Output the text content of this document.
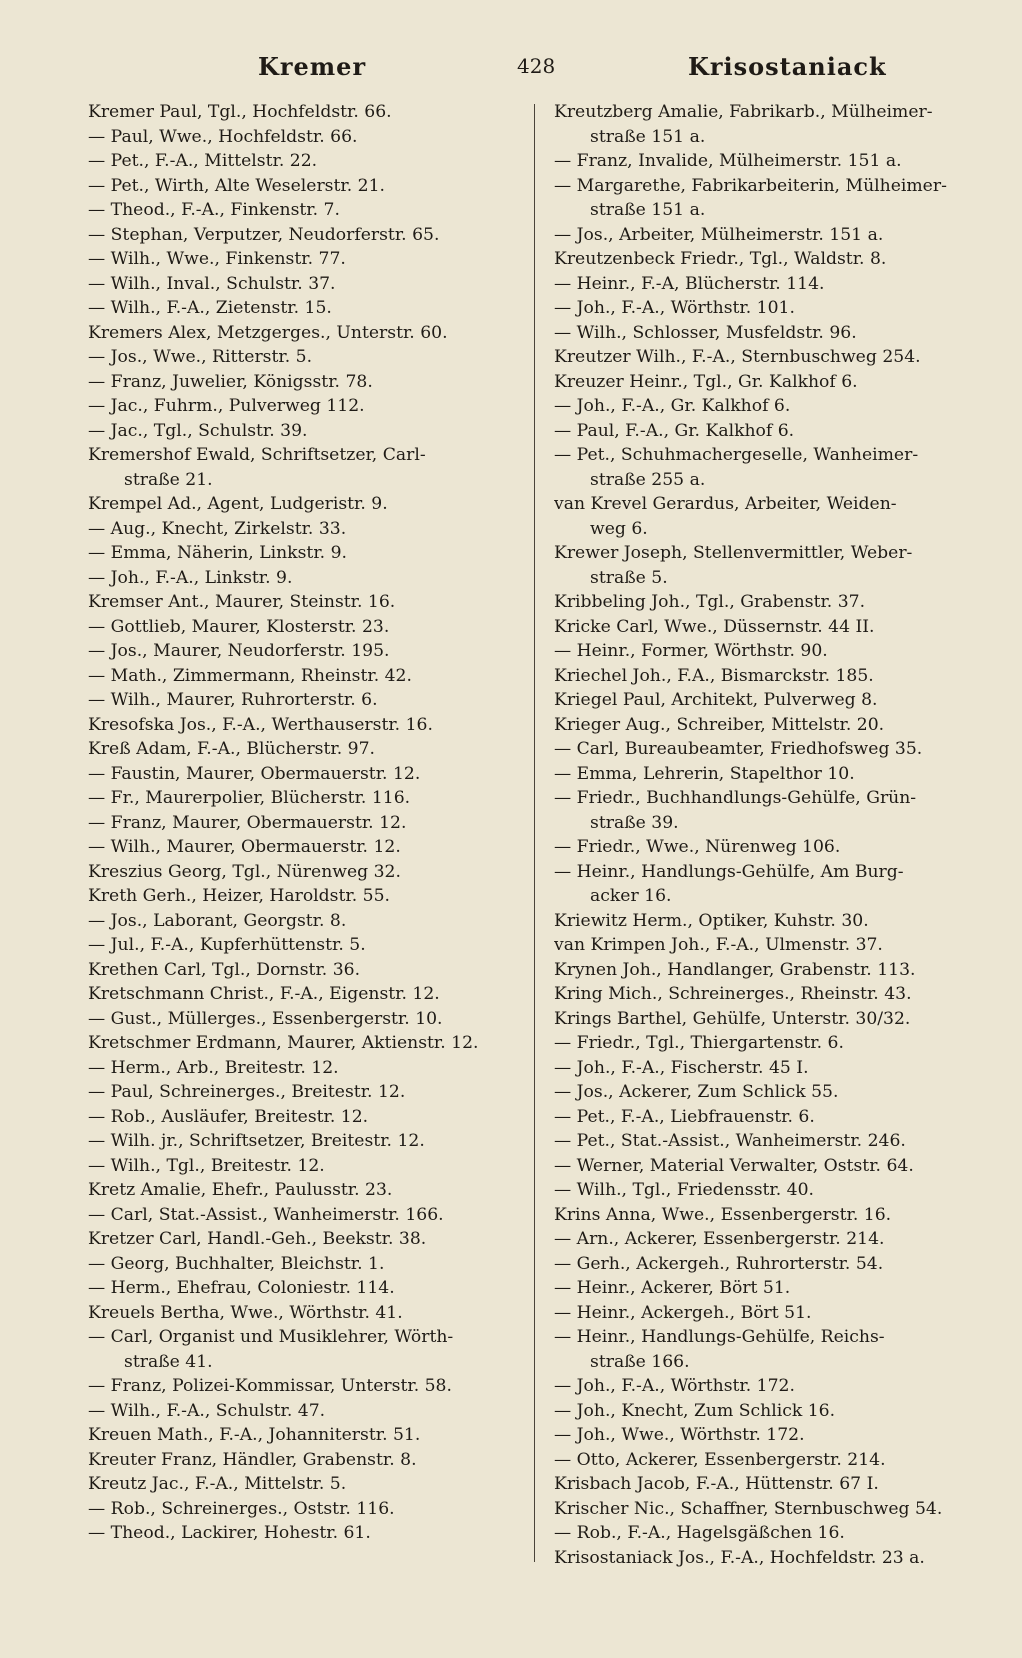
Kremer	428	Krisostaniack
Kremer Paul, Tgl., Hochfeldstr. 66.
— Paul, Wwe., Hochfeldstr. 66.
— Pet., F.-A., Mittelstr. 22.
— Pet., Wirth, Alte Weselerstr. 21.
— Theod., F.-A., Finkenstr. 7.
— Stephan, Verputzer, Neudorferstr. 65.
— Wilh., Wwe., Finkenstr. 77.
— Wilh., Inval., Schulstr. 37.
— Wilh., F.-A., Zietenstr. 15.
Kremers Alex, Metzgerges., Unterstr. 60.
— Jos., Wwe., Ritterstr. 5.
— Franz, Juwelier, Königsstr. 78.
— Jac., Fuhrm., Pulverweg 112.
— Jac., Tgl., Schulstr. 39.
Kremershof Ewald, Schriftsetzer, Carl-
straße 21.
Krempel Ad., Agent, Ludgeristr. 9.
— Aug., Knecht, Zirkelstr. 33.
— Emma, Näherin, Linkstr. 9.
— Joh., F.-A., Linkstr. 9.
Kremser Ant., Maurer, Steinstr. 16.
— Gottlieb, Maurer, Klosterstr. 23.
— Jos., Maurer, Neudorferstr. 195.
— Math., Zimmermann, Rheinstr. 42.
— Wilh., Maurer, Ruhrorterstr. 6.
Kresofska Jos., F.-A., Werthauserstr. 16.
Kreß Adam, F.-A., Blücherstr. 97.
— Faustin, Maurer, Obermauerstr. 12.
— Fr., Maurerpolier, Blücherstr. 116.
— Franz, Maurer, Obermauerstr. 12.
— Wilh., Maurer, Obermauerstr. 12.
Kreszius Georg, Tgl., Nürenweg 32.
Kreth Gerh., Heizer, Haroldstr. 55.
— Jos., Laborant, Georgstr. 8.
— Jul., F.-A., Kupferhüttenstr. 5.
Krethen Carl, Tgl., Dornstr. 36.
Kretschmann Christ., F.-A., Eigenstr. 12.
— Gust., Müllerges., Essenbergerstr. 10.
Kretschmer Erdmann, Maurer, Aktienstr. 12.
— Herm., Arb., Breitestr. 12.
— Paul, Schreinerges., Breitestr. 12.
— Rob., Ausläufer, Breitestr. 12.
— Wilh. jr., Schriftsetzer, Breitestr. 12.
— Wilh., Tgl., Breitestr. 12.
Kretz Amalie, Ehefr., Paulusstr. 23.
— Carl, Stat.-Assist., Wanheimerstr. 166.
Kretzer Carl, Handl.-Geh., Beekstr. 38.
— Georg, Buchhalter, Bleichstr. 1.
— Herm., Ehefrau, Coloniestr. 114.
Kreuels Bertha, Wwe., Wörthstr. 41.
— Carl, Organist und Musiklehrer, Wörth-
straße 41.
— Franz, Polizei-Kommissar, Unterstr. 58.
— Wilh., F.-A., Schulstr. 47.
Kreuen Math., F.-A., Johanniterstr. 51.
Kreuter Franz, Händler, Grabenstr. 8.
Kreutz Jac., F.-A., Mittelstr. 5.
— Rob., Schreinerges., Oststr. 116.
— Theod., Lackirer, Hohestr. 61.
Kreutzberg Amalie, Fabrikarb., Mülheimer-
straße 151 a.
— Franz, Invalide, Mülheimerstr. 151 a.
— Margarethe, Fabrikarbeiterin, Mülheimer-
straße 151 a.
— Jos., Arbeiter, Mülheimerstr. 151 a.
Kreutzenbeck Friedr., Tgl., Waldstr. 8.
— Heinr., F.-A, Blücherstr. 114.
— Joh., F.-A., Wörthstr. 101.
— Wilh., Schlosser, Musfeldstr. 96.
Kreutzer Wilh., F.-A., Sternbuschweg 254.
Kreuzer Heinr., Tgl., Gr. Kalkhof 6.
— Joh., F.-A., Gr. Kalkhof 6.
— Paul, F.-A., Gr. Kalkhof 6.
— Pet., Schuhmachergeselle, Wanheimer-
straße 255 a.
van Krevel Gerardus, Arbeiter, Weiden-
weg 6.
Krewer Joseph, Stellenvermittler, Weber-
straße 5.
Kribbeling Joh., Tgl., Grabenstr. 37.
Kricke Carl, Wwe., Düssernstr. 44 II.
— Heinr., Former, Wörthstr. 90.
Kriechel Joh., F.A., Bismarckstr. 185.
Kriegel Paul, Architekt, Pulverweg 8.
Krieger Aug., Schreiber, Mittelstr. 20.
— Carl, Bureaubeamter, Friedhofsweg 35.
— Emma, Lehrerin, Stapelthor 10.
— Friedr., Buchhandlungs-Gehülfe, Grün-
straße 39.
— Friedr., Wwe., Nürenweg 106.
— Heinr., Handlungs-Gehülfe, Am Burg-
acker 16.
Kriewitz Herm., Optiker, Kuhstr. 30.
van Krimpen Joh., F.-A., Ulmenstr. 37.
Krynen Joh., Handlanger, Grabenstr. 113.
Kring Mich., Schreinerges., Rheinstr. 43.
Krings Barthel, Gehülfe, Unterstr. 30/32.
— Friedr., Tgl., Thiergartenstr. 6.
— Joh., F.-A., Fischerstr. 45 I.
— Jos., Ackerer, Zum Schlick 55.
— Pet., F.-A., Liebfrauenstr. 6.
— Pet., Stat.-Assist., Wanheimerstr. 246.
— Werner, Material Verwalter, Oststr. 64.
— Wilh., Tgl., Friedensstr. 40.
Krins Anna, Wwe., Essenbergerstr. 16.
— Arn., Ackerer, Essenbergerstr. 214.
— Gerh., Ackergeh., Ruhrorterstr. 54.
— Heinr., Ackerer, Bört 51.
— Heinr., Ackergeh., Bört 51.
— Heinr., Handlungs-Gehülfe, Reichs-
straße 166.
— Joh., F.-A., Wörthstr. 172.
— Joh., Knecht, Zum Schlick 16.
— Joh., Wwe., Wörthstr. 172.
— Otto, Ackerer, Essenbergerstr. 214.
Krisbach Jacob, F.-A., Hüttenstr. 67 I.
Krischer Nic., Schaffner, Sternbuschweg 54.
— Rob., F.-A., Hagelsgäßchen 16.
Krisostaniack Jos., F.-A., Hochfeldstr. 23 a.
